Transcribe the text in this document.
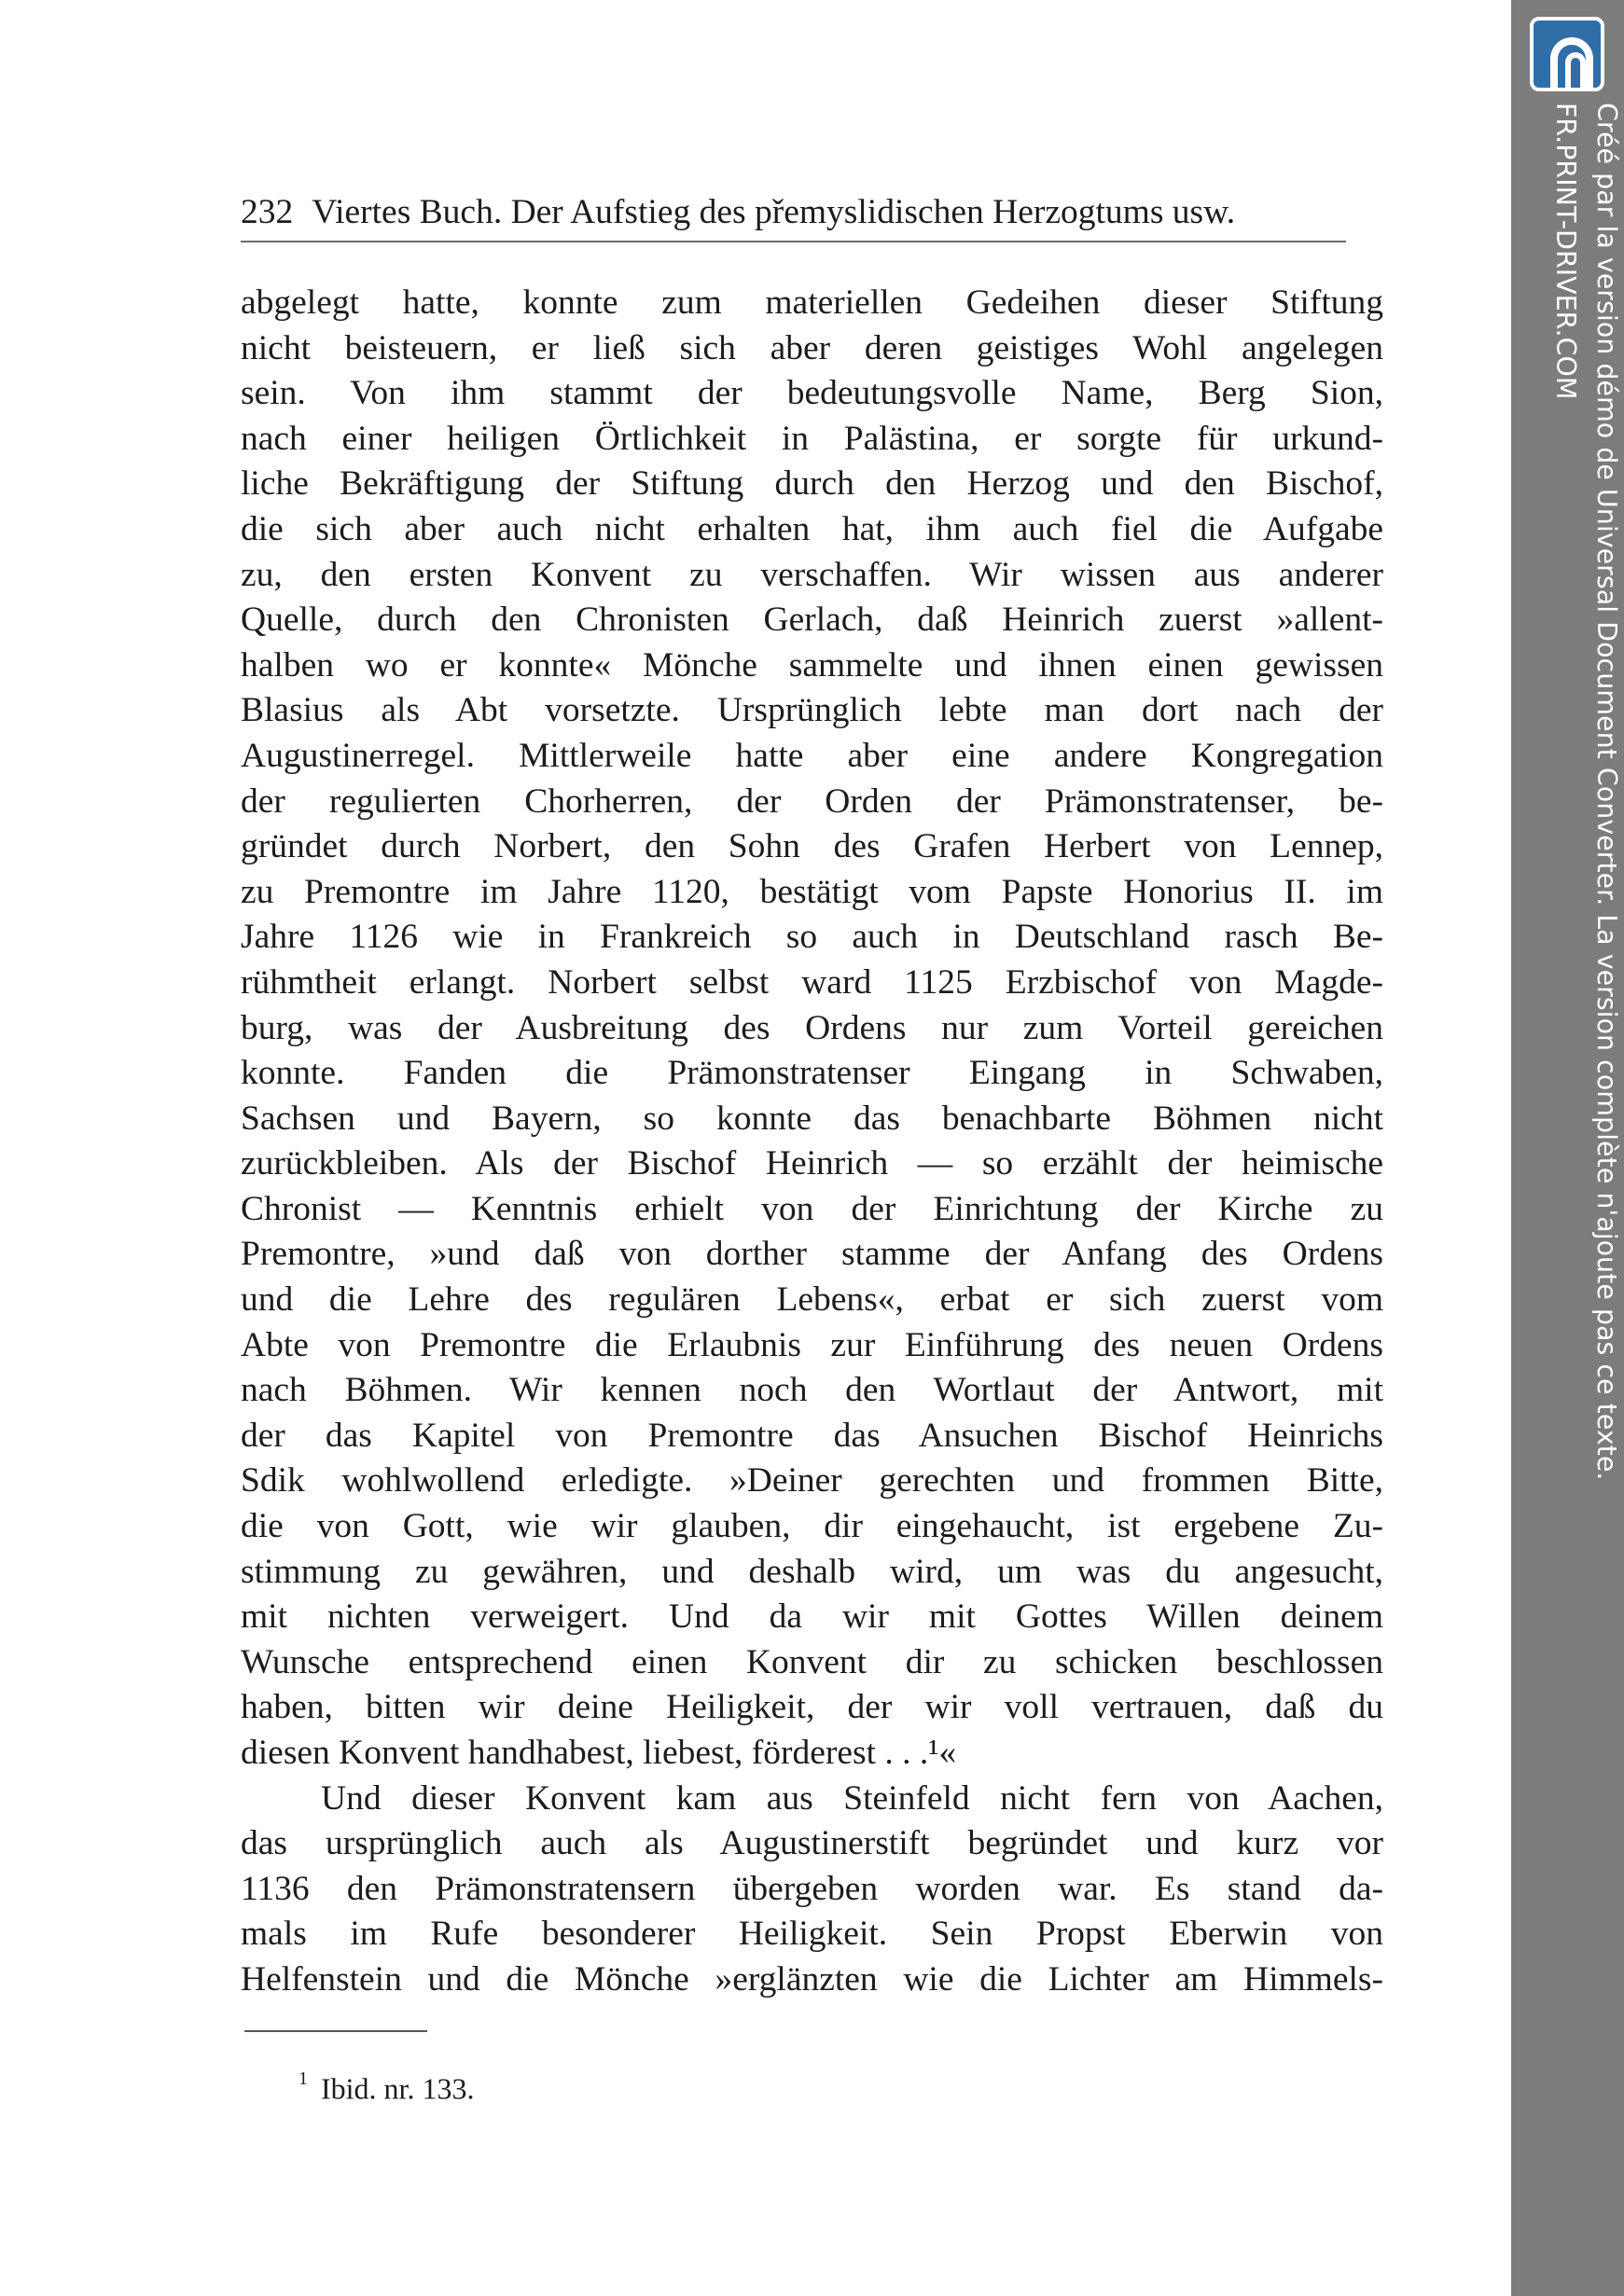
232 Viertes Buch. Der Aufstieg des přemyslidischen Herzogtums usw.
abgelegt hatte, konnte zum materiellen Gedeihen dieser Stiftung
nicht beisteuern, er ließ sich aber deren geistiges Wohl angelegen
sein. Von ihm stammt der bedeutungsvolle Name, Berg Sion,
nach einer heiligen Örtlichkeit in Palästina, er sorgte für urkund-
liche Bekräftigung der Stiftung durch den Herzog und den Bischof,
die sich aber auch nicht erhalten hat, ihm auch fiel die Aufgabe
zu, den ersten Konvent zu verschaffen. Wir wissen aus anderer
Quelle, durch den Chronisten Gerlach, daß Heinrich zuerst »allent-
halben wo er konnte« Mönche sammelte und ihnen einen gewissen
Blasius als Abt vorsetzte. Ursprünglich lebte man dort nach der
Augustinerregel. Mittlerweile hatte aber eine andere Kongregation
der regulierten Chorherren, der Orden der Prämonstratenser, be-
gründet durch Norbert, den Sohn des Grafen Herbert von Lennep,
zu Premontre im Jahre 1120, bestätigt vom Papste Honorius II. im
Jahre 1126 wie in Frankreich so auch in Deutschland rasch Be-
rühmtheit erlangt. Norbert selbst ward 1125 Erzbischof von Magde-
burg, was der Ausbreitung des Ordens nur zum Vorteil gereichen
konnte. Fanden die Prämonstratenser Eingang in Schwaben,
Sachsen und Bayern, so konnte das benachbarte Böhmen nicht
zurückbleiben. Als der Bischof Heinrich — so erzählt der heimische
Chronist — Kenntnis erhielt von der Einrichtung der Kirche zu
Premontre, »und daß von dorther stamme der Anfang des Ordens
und die Lehre des regulären Lebens«, erbat er sich zuerst vom
Abte von Premontre die Erlaubnis zur Einführung des neuen Ordens
nach Böhmen. Wir kennen noch den Wortlaut der Antwort, mit
der das Kapitel von Premontre das Ansuchen Bischof Heinrichs
Sdik wohlwollend erledigte. »Deiner gerechten und frommen Bitte,
die von Gott, wie wir glauben, dir eingehaucht, ist ergebene Zu-
stimmung zu gewähren, und deshalb wird, um was du angesucht,
mit nichten verweigert. Und da wir mit Gottes Willen deinem
Wunsche entsprechend einen Konvent dir zu schicken beschlossen
haben, bitten wir deine Heiligkeit, der wir voll vertrauen, daß du
diesen Konvent handhabest, liebest, förderest . . .¹«
Und dieser Konvent kam aus Steinfeld nicht fern von Aachen,
das ursprünglich auch als Augustinerstift begründet und kurz vor
1136 den Prämonstratensern übergeben worden war. Es stand da-
mals im Rufe besonderer Heiligkeit. Sein Propst Eberwin von
Helfenstein und die Mönche »erglänzten wie die Lichter am Himmels-
$^1$ Ibid. nr. 133.
Créé par la version démo de Universal Document Converter. La version complète n'ajoute pas ce texte.
FR.PRINT-DRIVER.COM
